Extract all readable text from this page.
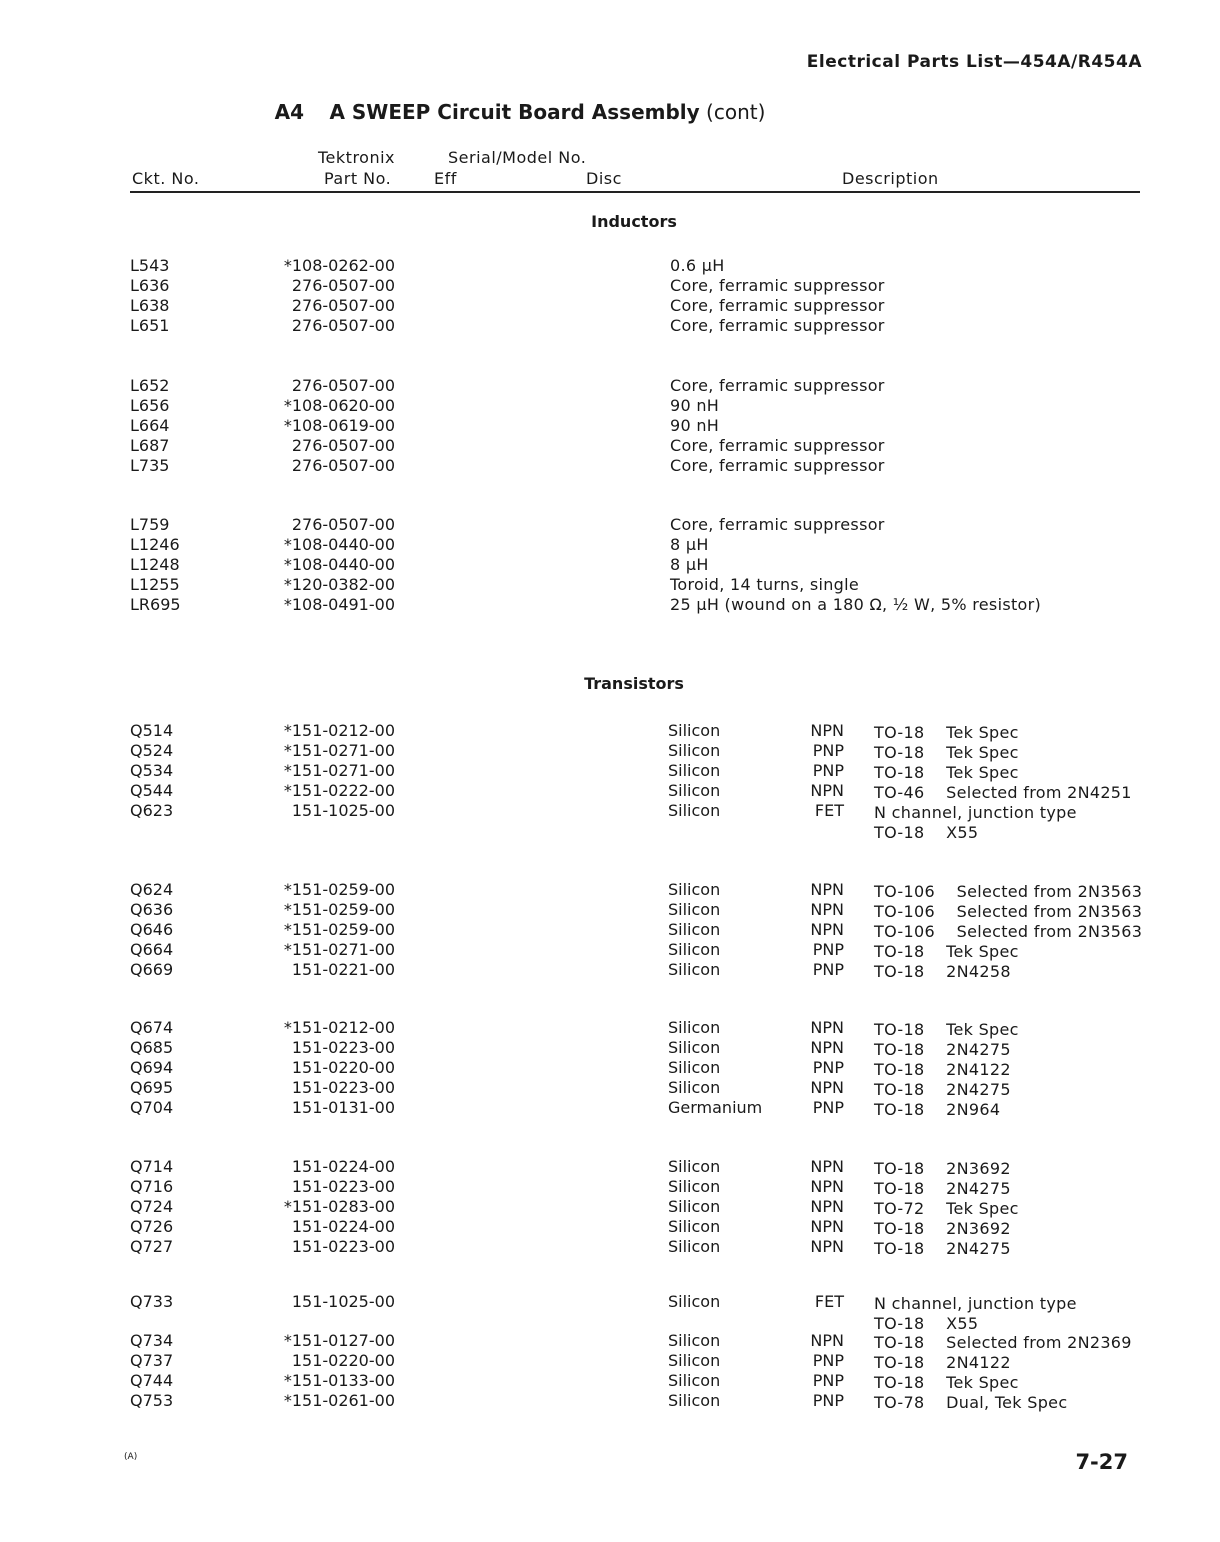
Electrical Parts List—454A/R454A
A4 A SWEEP Circuit Board Assembly (cont)
Tektronix	Serial/Model No.
Ckt. No.	Part No.	Eff	Disc	Description
Inductors
L543	*108-0262-00	0.6 µH
L636	276-0507-00	Core, ferramic suppressor
L638	276-0507-00	Core, ferramic suppressor
L651	276-0507-00	Core, ferramic suppressor
L652	276-0507-00	Core, ferramic suppressor
L656	*108-0620-00	90 nH
L664	*108-0619-00	90 nH
L687	276-0507-00	Core, ferramic suppressor
L735	276-0507-00	Core, ferramic suppressor
L759	276-0507-00	Core, ferramic suppressor
L1246	*108-0440-00	8 µH
L1248	*108-0440-00	8 µH
L1255	*120-0382-00	Toroid, 14 turns, single
LR695	*108-0491-00	25 µH (wound on a 180 Ω, ½ W, 5% resistor)
Transistors
Q514	*151-0212-00	Silicon	NPN TO-18  Tek Spec
Q524	*151-0271-00	Silicon	PNP TO-18  Tek Spec
Q534	*151-0271-00	Silicon	PNP TO-18  Tek Spec
Q544	*151-0222-00	Silicon	NPN TO-46  Selected from 2N4251
Q623	151-1025-00	Silicon	FET N channel, junction type
TO-18  X55
Q624	*151-0259-00	Silicon	NPN TO-106  Selected from 2N3563
Q636	*151-0259-00	Silicon	NPN TO-106  Selected from 2N3563
Q646	*151-0259-00	Silicon	NPN TO-106  Selected from 2N3563
Q664	*151-0271-00	Silicon	PNP TO-18  Tek Spec
Q669	151-0221-00	Silicon	PNP TO-18  2N4258
Q674	*151-0212-00	Silicon	NPN TO-18  Tek Spec
Q685	151-0223-00	Silicon	NPN TO-18  2N4275
Q694	151-0220-00	Silicon	PNP TO-18  2N4122
Q695	151-0223-00	Silicon	NPN TO-18  2N4275
Q704	151-0131-00	Germanium	PNP TO-18  2N964
Q714	151-0224-00	Silicon	NPN TO-18  2N3692
Q716	151-0223-00	Silicon	NPN TO-18  2N4275
Q724	*151-0283-00	Silicon	NPN TO-72  Tek Spec
Q726	151-0224-00	Silicon	NPN TO-18  2N3692
Q727	151-0223-00	Silicon	NPN TO-18  2N4275
Q733	151-1025-00	Silicon	FET N channel, junction type
TO-18  X55
Q734	*151-0127-00	Silicon	NPN TO-18  Selected from 2N2369
Q737	151-0220-00	Silicon	PNP TO-18  2N4122
Q744	*151-0133-00	Silicon	PNP TO-18  Tek Spec
Q753	*151-0261-00	Silicon	PNP TO-78  Dual, Tek Spec
(A)	7-27
